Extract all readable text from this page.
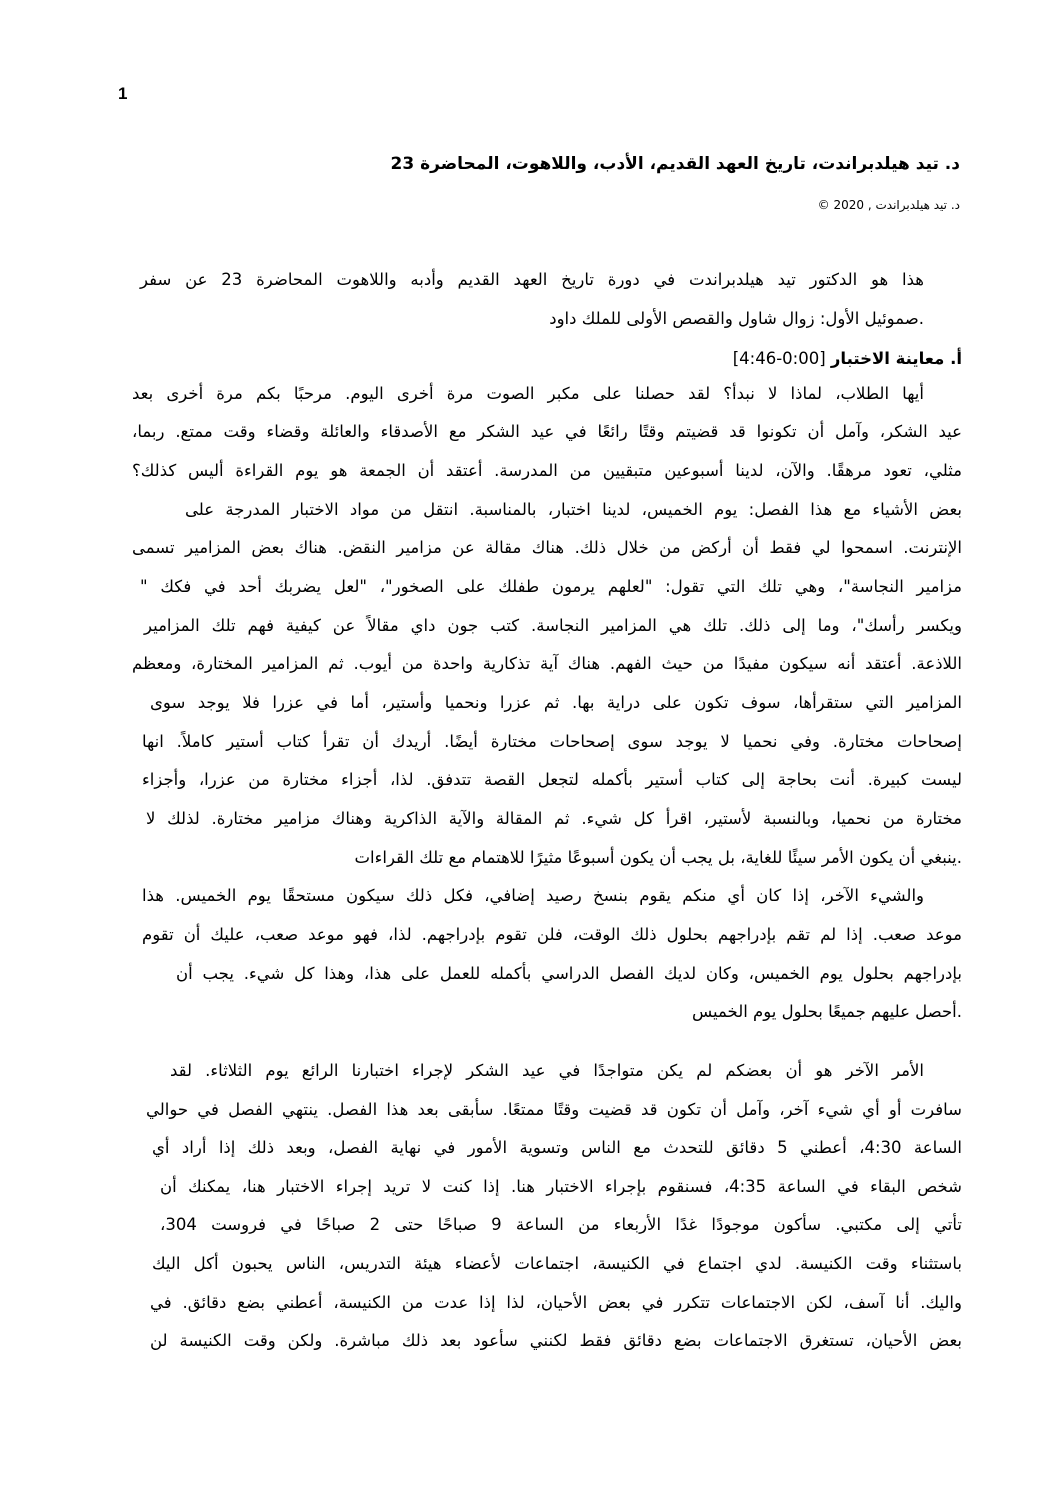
1
د. تيد هيلدبراندت، تاريخ العهد القديم، الأدب، واللاهوت، المحاضرة 23
د. تيد هيلدبراندت , 2020 ©
هذا هو الدكتور تيد هيلدبراندت في دورة تاريخ العهد القديم وأدبه واللاهوت المحاضرة 23 عن سفر
.صموئيل الأول: زوال شاول والقصص الأولى للملك داود
أ. معاينة الاختبار [0:00-4:46]
أيها الطلاب، لماذا لا نبدأ؟ لقد حصلنا على مكبر الصوت مرة أخرى اليوم. مرحبًا بكم مرة أخرى بعد
عيد الشكر، وآمل أن تكونوا قد قضيتم وقتًا رائعًا في عيد الشكر مع الأصدقاء والعائلة وقضاء وقت ممتع. ربما،
مثلي، تعود مرهقًا. والآن، لدينا أسبوعين متبقيين من المدرسة. أعتقد أن الجمعة هو يوم القراءة أليس كذلك؟
بعض الأشياء مع هذا الفصل: يوم الخميس، لدينا اختبار، بالمناسبة. انتقل من مواد الاختبار المدرجة على
الإنترنت. اسمحوا لي فقط أن أركض من خلال ذلك. هناك مقالة عن مزامير النقض. هناك بعض المزامير تسمى
مزامير النجاسة"، وهي تلك التي تقول: "لعلهم يرمون طفلك على الصخور"، "لعل يضربك أحد في فكك "
ويكسر رأسك"، وما إلى ذلك. تلك هي المزامير النجاسة. كتب جون داي مقالاً عن كيفية فهم تلك المزامير
اللاذعة. أعتقد أنه سيكون مفيدًا من حيث الفهم. هناك آية تذكارية واحدة من أيوب. ثم المزامير المختارة، ومعظم
المزامير التي ستقرأها، سوف تكون على دراية بها. ثم عزرا ونحميا وأستير، أما في عزرا فلا يوجد سوى
إصحاحات مختارة. وفي نحميا لا يوجد سوى إصحاحات مختارة أيضًا. أريدك أن تقرأ كتاب أستير كاملاً. انها
ليست كبيرة. أنت بحاجة إلى كتاب أستير بأكمله لتجعل القصة تتدفق. لذا، أجزاء مختارة من عزرا، وأجزاء
مختارة من نحميا، وبالنسبة لأستير، اقرأ كل شيء. ثم المقالة والآية الذاكرية وهناك مزامير مختارة. لذلك لا
.ينبغي أن يكون الأمر سيئًا للغاية، بل يجب أن يكون أسبوعًا مثيرًا للاهتمام مع تلك القراءات
والشيء الآخر، إذا كان أي منكم يقوم بنسخ رصيد إضافي، فكل ذلك سيكون مستحقًا يوم الخميس. هذا
موعد صعب. إذا لم تقم بإدراجهم بحلول ذلك الوقت، فلن تقوم بإدراجهم. لذا، فهو موعد صعب، عليك أن تقوم
بإدراجهم بحلول يوم الخميس، وكان لديك الفصل الدراسي بأكمله للعمل على هذا، وهذا كل شيء. يجب أن
.أحصل عليهم جميعًا بحلول يوم الخميس
الأمر الآخر هو أن بعضكم لم يكن متواجدًا في عيد الشكر لإجراء اختبارنا الرائع يوم الثلاثاء. لقد
سافرت أو أي شيء آخر، وآمل أن تكون قد قضيت وقتًا ممتعًا. سأبقى بعد هذا الفصل. ينتهي الفصل في حوالي
الساعة 4:30، أعطني 5 دقائق للتحدث مع الناس وتسوية الأمور في نهاية الفصل، وبعد ذلك إذا أراد أي
شخص البقاء في الساعة 4:35، فسنقوم بإجراء الاختبار هنا. إذا كنت لا تريد إجراء الاختبار هنا، يمكنك أن
تأتي إلى مكتبي. سأكون موجودًا غدًا الأربعاء من الساعة 9 صباحًا حتى 2 صباحًا في فروست 304،
باستثناء وقت الكنيسة. لدي اجتماع في الكنيسة، اجتماعات لأعضاء هيئة التدريس، الناس يحبون أكل اليك
واليك. أنا آسف، لكن الاجتماعات تتكرر في بعض الأحيان، لذا إذا عدت من الكنيسة، أعطني بضع دقائق. في
بعض الأحيان، تستغرق الاجتماعات بضع دقائق فقط لكنني سأعود بعد ذلك مباشرة. ولكن وقت الكنيسة لن
